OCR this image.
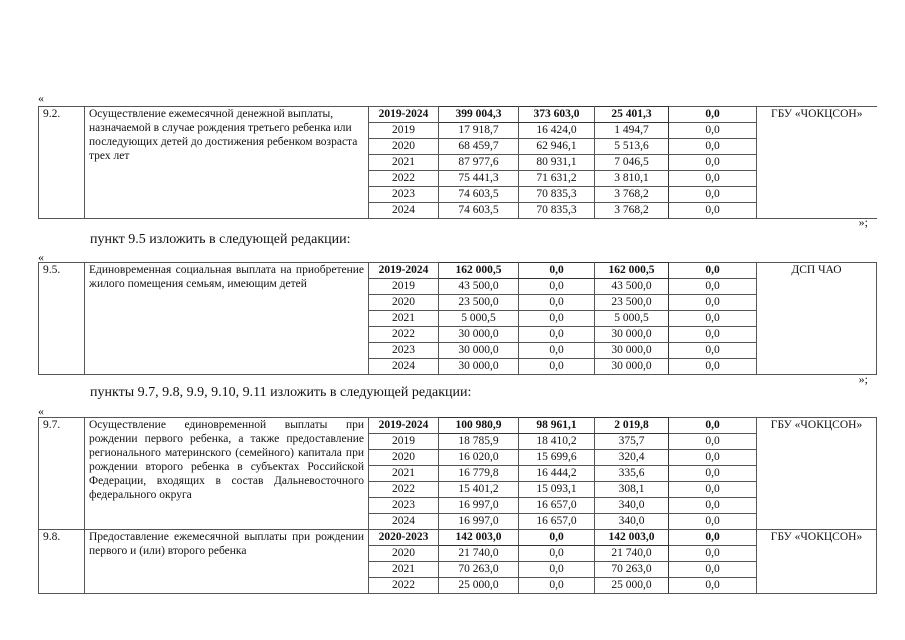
«
9.2.	Осуществление ежемесячной денежной выплаты, назначаемой в случае рождения третьего ребенка или последующих детей до достижения ребенком возраста трех лет	2019-2024	399 004,3	373 603,0	25 401,3	0,0	ГБУ «ЧОКЦСОН»
		2019	17 918,7	16 424,0	1 494,7	0,0	
		2020	68 459,7	62 946,1	5 513,6	0,0	
		2021	87 977,6	80 931,1	7 046,5	0,0	
		2022	75 441,3	71 631,2	3 810,1	0,0	
		2023	74 603,5	70 835,3	3 768,2	0,0	
		2024	74 603,5	70 835,3	3 768,2	0,0	
»;
пункт 9.5 изложить в следующей редакции:
«
9.5.	Единовременная социальная выплата на приобретение жилого помещения семьям, имеющим детей	2019-2024	162 000,5	0,0	162 000,5	0,0	ДСП ЧАО
		2019	43 500,0	0,0	43 500,0	0,0	
		2020	23 500,0	0,0	23 500,0	0,0	
		2021	5 000,5	0,0	5 000,5	0,0	
		2022	30 000,0	0,0	30 000,0	0,0	
		2023	30 000,0	0,0	30 000,0	0,0	
		2024	30 000,0	0,0	30 000,0	0,0	
»;
пункты 9.7, 9.8, 9.9, 9.10, 9.11 изложить в следующей редакции:
«
9.7.	Осуществление единовременной выплаты при рождении первого ребенка, а также предоставление регионального материнского (семейного) капитала при рождении второго ребенка в субъектах Российской Федерации, входящих в состав Дальневосточного федерального округа	2019-2024	100 980,9	98 961,1	2 019,8	0,0	ГБУ «ЧОКЦСОН»
		2019	18 785,9	18 410,2	375,7	0,0	
		2020	16 020,0	15 699,6	320,4	0,0	
		2021	16 779,8	16 444,2	335,6	0,0	
		2022	15 401,2	15 093,1	308,1	0,0	
		2023	16 997,0	16 657,0	340,0	0,0	
		2024	16 997,0	16 657,0	340,0	0,0	
9.8.	Предоставление ежемесячной выплаты при рождении первого и (или) второго ребенка	2020-2023	142 003,0	0,0	142 003,0	0,0	ГБУ «ЧОКЦСОН»
		2020	21 740,0	0,0	21 740,0	0,0	
		2021	70 263,0	0,0	70 263,0	0,0	
		2022	25 000,0	0,0	25 000,0	0,0	
